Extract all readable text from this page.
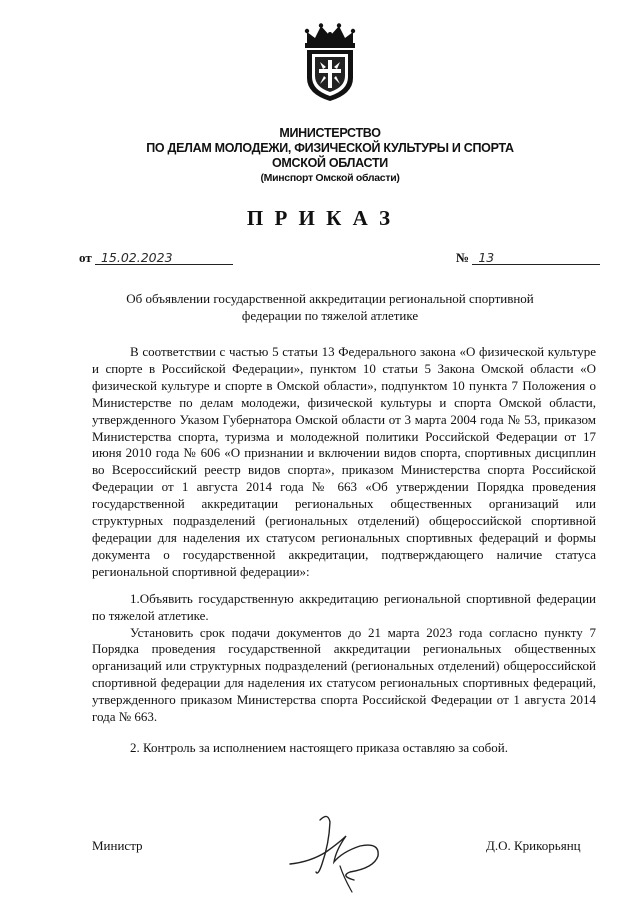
МИНИСТЕРСТВО
ПО ДЕЛАМ МОЛОДЕЖИ, ФИЗИЧЕСКОЙ КУЛЬТУРЫ И СПОРТА
ОМСКОЙ ОБЛАСТИ
(Минспорт Омской области)
П Р И К А З
от 15.02.2023	№ 13
Об объявлении государственной аккредитации региональной спортивной
федерации по тяжелой атлетике

В соответствии с частью 5 статьи 13 Федерального закона «О физической культуре и спорте в Российской Федерации», пунктом 10 статьи 5 Закона Омской области «О физической культуре и спорте в Омской области», подпунктом 10 пункта 7 Положения о Министерстве по делам молодежи, физической культуры и спорта Омской области, утвержденного Указом Губернатора Омской области от 3 марта 2004 года № 53, приказом Министерства спорта, туризма и молодежной политики Российской Федерации от 17 июня 2010 года № 606 «О признании и включении видов спорта, спортивных дисциплин во Всероссийский реестр видов спорта», приказом Министерства спорта Российской Федерации от 1 августа 2014 года № 663 «Об утверждении Порядка проведения государственной аккредитации региональных общественных организаций или структурных подразделений (региональных отделений) общероссийской спортивной федерации для наделения их статусом региональных спортивных федераций и формы документа о государственной аккредитации, подтверждающего наличие статуса региональной спортивной федерации»:

1.Объявить государственную аккредитацию региональной спортивной федерации по тяжелой атлетике.

Установить срок подачи документов до 21 марта 2023 года согласно пункту 7 Порядка проведения государственной аккредитации региональных общественных организаций или структурных подразделений (региональных отделений) общероссийской спортивной федерации для наделения их статусом региональных спортивных федераций, утвержденного приказом Министерства спорта Российской Федерации от 1 августа 2014 года № 663.

2. Контроль за исполнением настоящего приказа оставляю за собой.

Министр	Д.О. Крикорьянц
